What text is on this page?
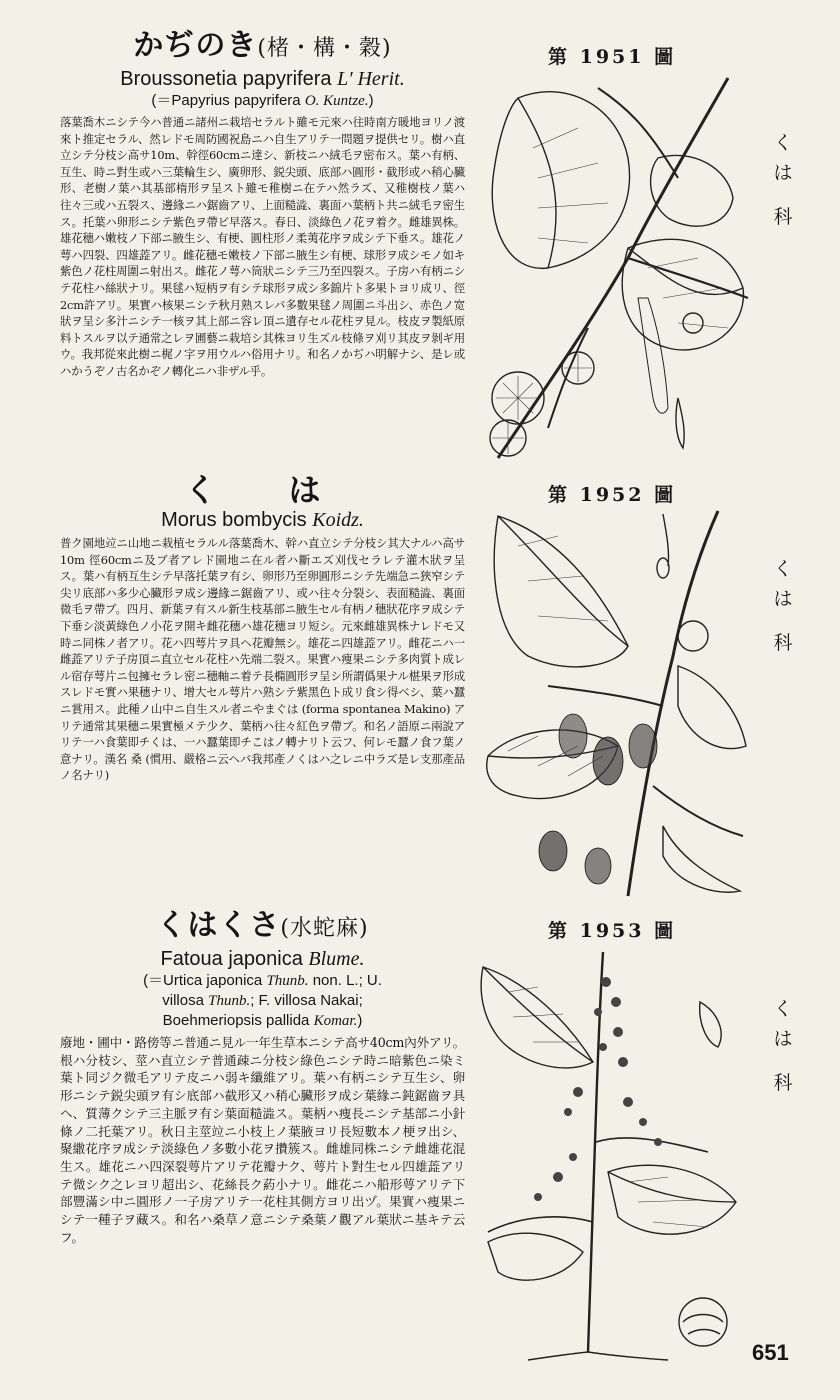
かぢのき(楮・構・穀)
Broussonetia papyrifera L' Herit.
(＝Papyrius papyrifera O. Kuntze.)
落葉喬木ニシテ今ハ普通ニ諸州ニ栽培セラルト雖モ元來ハ往時南方暖地ヨリノ渡來ト推定セラル、然レドモ周防國祝島ニハ自生アリテ一問題ヲ提供セリ。樹ハ直立シテ分枝シ高サ10m、幹徑60cmニ達シ、新枝ニハ絨毛ヲ密布ス。葉ハ有柄、互生、時ニ對生或ハ三葉輪生シ、廣卵形、鋭尖頭、底部ハ圓形・截形或ハ稍心臟形、老樹ノ葉ハ其基部楕形ヲ呈スト雖モ稚樹ニ在テハ然ラズ、又稚樹枝ノ葉ハ往々三或ハ五裂ス、邊緣ニハ鋸齒アリ、上面糙澁、裏面ハ葉柄ト共ニ絨毛ヲ密生ス。托葉ハ卵形ニシテ紫色ヲ帶ビ早落ス。春日、淡綠色ノ花ヲ着ク。雌雄異株。雄花穗ハ嫩枝ノ下部ニ腋生シ、有梗、圓柱形ノ柔荑花序ヲ成シテ下垂ス。雄花ノ萼ハ四裂、四雄蕋アリ。雌花穗モ嫩枝ノ下部ニ腋生シ有梗、球形ヲ成シモノ如キ紫色ノ花柱周圍ニ射出ス。雌花ノ萼ハ筒狀ニシテ三乃至四裂ス。子房ハ有柄ニシテ花柱ハ絲狀ナリ。果毬ハ短柄ヲ有シテ球形ヲ成シ多錦片ト多果トヨリ成リ、徑2cm許アリ。果實ハ核果ニシテ秋月熟スレバ多數果毬ノ周圍ニ斗出シ、赤色ノ宽狀ヲ呈シ多汁ニシテ一核ヲ其上部ニ容レ頂ニ遺存セル花柱ヲ見ル。枝皮ヲ製紙原料トスルヲ以テ通常之レヲ圃藝ニ栽培シ其株ヨリ生ズル枝條ヲ刈リ其皮ヲ剝ギ用ウ。我邦從來此樹ニ梶ノ字ヲ用ウルハ俗用ナリ。和名ノかぢハ明解ナシ、是レ或ハかうぞノ古名かぞノ轉化ニハ非ザル乎。
第 1951 圖
く
は
科
く　は
Morus bombycis Koidz.
普ク園地竝ニ山地ニ栽植セラルル落葉喬木、幹ハ直立シテ分枝シ其大ナルハ高サ10m 徑60cmニ及ブ者アレド園地ニ在ル者ハ斷エズ刈伐セラレテ灌木狀ヲ呈ス。葉ハ有柄互生シテ早落托葉ヲ有シ、卵形乃至卵圓形ニシテ先端急ニ狹窄シテ尖リ底部ハ多少心臟形ヲ成シ邊緣ニ鋸齒アリ、或ハ往々分裂シ、表面糙澁、裏面微毛ヲ帶ブ。四月、新葉ヲ有スル新生枝基部ニ腋生セル有柄ノ穗狀花序ヲ成シテ下垂シ淡黃綠色ノ小花ヲ開キ雌花穗ハ雄花穗ヨリ短シ。元來雌雄異株ナレドモ又時ニ同株ノ者アリ。花ハ四萼片ヲ具ヘ花瓣無シ。雄花ニ四雄蕋アリ。雌花ニハ一雌蕋アリテ子房頂ニ直立セル花柱ハ先端二裂ス。果實ハ痩果ニシテ多肉質ト成レル宿存萼片ニ包擁セラレ密ニ穗軸ニ着テ長橢圓形ヲ呈シ所謂僞果ナル椹果ヲ形成スレドモ實ハ果穗ナリ、增大セル萼片ハ熟シテ紫黑色ト成リ食シ得ベシ、葉ハ蠶ニ賞用ス。此種ノ山中ニ自生スル者ニやまぐは (forma spontanea Makino) アリテ通常其果穗ニ果實極メテ少ク、葉柄ハ往々紅色ヲ帶ブ。和名ノ語原ニ兩說アリテ一ハ食葉即チくは、一ハ蠶葉即チこはノ轉ナリト云フ、何レモ蠶ノ食フ葉ノ意ナリ。漢名 桑 (慣用、嚴格ニ云ヘバ我邦產ノくはハ之レニ中ラズ是レ支那產品ノ名ナリ)
第 1952 圖
く
は
科
くはくさ(水蛇麻)
Fatoua japonica Blume.
(＝Urtica japonica Thunb. non. L.; U.
villosa Thunb.; F. villosa Nakai;
Boehmeriopsis pallida Komar.)
廢地・圃中・路傍等ニ普通ニ見ル一年生草本ニシテ高サ40cm內外アリ。根ハ分枝シ、莖ハ直立シテ普通疎ニ分枝シ綠色ニシテ時ニ暗紫色ニ染ミ葉ト同ジク微毛アリテ皮ニハ弱キ纖維アリ。葉ハ有柄ニシテ互生シ、卵形ニシテ鋭尖頭ヲ有シ底部ハ截形又ハ稍心臟形ヲ成シ葉緣ニ鈍鋸齒ヲ具ヘ、質薄クシテ三主脈ヲ有シ葉面糙澁ス。葉柄ハ痩長ニシテ基部ニ小針條ノ二托葉アリ。秋日主莖竝ニ小枝上ノ葉腋ヨリ長短數本ノ梗ヲ出シ、聚繖花序ヲ成シテ淡綠色ノ多數小花ヲ攢簇ス。雌雄同株ニシテ雌雄花混生ス。雄花ニハ四深裂萼片アリテ花瓣ナク、萼片ト對生セル四雄蕋アリテ微シク之レヨリ超出シ、花絲長ク葯小ナリ。雌花ニハ船形萼アリテ下部豐滿シ中ニ圓形ノ一子房アリテ一花柱其側方ヨリ出ヅ。果實ハ痩果ニシテ一種子ヲ藏ス。和名ハ桑草ノ意ニシテ桑葉ノ觀アル葉狀ニ基キテ云フ。
第 1953 圖
く
は
科
651
